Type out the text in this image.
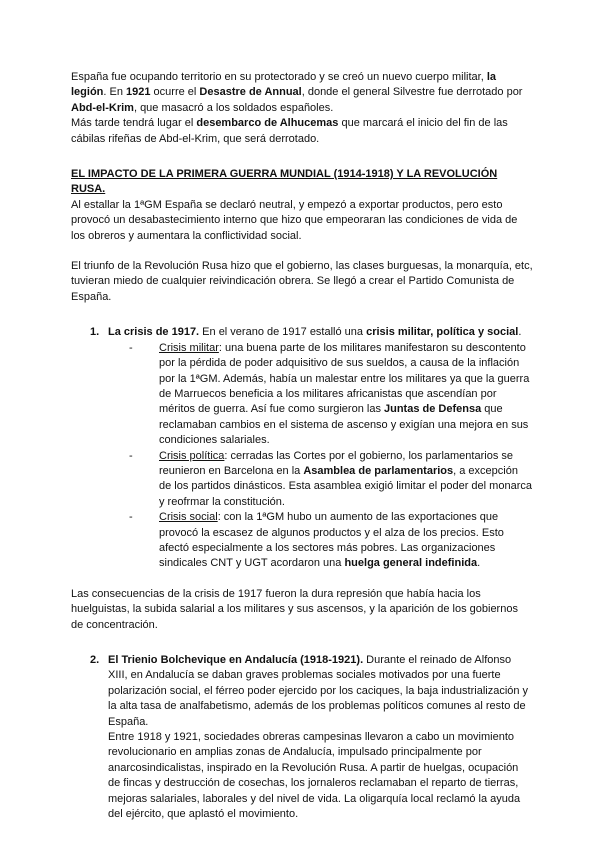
España fue ocupando territorio en su protectorado y se creó un nuevo cuerpo militar, la legión. En 1921 ocurre el Desastre de Annual, donde el general Silvestre fue derrotado por Abd-el-Krim, que masacró a los soldados españoles.

Más tarde tendrá lugar el desembarco de Alhucemas que marcará el inicio del fin de las cábilas rifeñas de Abd-el-Krim, que será derrotado.

EL IMPACTO DE LA PRIMERA GUERRA MUNDIAL (1914-1918) Y LA REVOLUCIÓN RUSA.

Al estallar la 1ªGM España se declaró neutral, y empezó a exportar productos, pero esto provocó un desabastecimiento interno que hizo que empeoraran las condiciones de vida de los obreros y aumentara la conflictividad social.

El triunfo de la Revolución Rusa hizo que el gobierno, las clases burguesas, la monarquía, etc, tuvieran miedo de cualquier reivindicación obrera. Se llegó a crear el Partido Comunista de España.

1. La crisis de 1917. En el verano de 1917 estalló una crisis militar, política y social.

- Crisis militar: una buena parte de los militares manifestaron su descontento por la pérdida de poder adquisitivo de sus sueldos, a causa de la inflación por la 1ªGM. Además, había un malestar entre los militares ya que la guerra de Marruecos beneficia a los militares africanistas que ascendían por méritos de guerra. Así fue como surgieron las Juntas de Defensa que reclamaban cambios en el sistema de ascenso y exigían una mejora en sus condiciones salariales.
- Crisis política: cerradas las Cortes por el gobierno, los parlamentarios se reunieron en Barcelona en la Asamblea de parlamentarios, a excepción de los partidos dinásticos. Esta asamblea exigió limitar el poder del monarca y reofrmar la constitución.
- Crisis social: con la 1ªGM hubo un aumento de las exportaciones que provocó la escasez de algunos productos y el alza de los precios. Esto afectó especialmente a los sectores más pobres. Las organizaciones sindicales CNT y UGT acordaron una huelga general indefinida.

Las consecuencias de la crisis de 1917 fueron la dura represión que había hacia los huelguistas, la subida salarial a los militares y sus ascensos, y la aparición de los gobiernos de concentración.

2. El Trienio Bolchevique en Andalucía (1918-1921). Durante el reinado de Alfonso XIII, en Andalucía se daban graves problemas sociales motivados por una fuerte polarización social, el férreo poder ejercido por los caciques, la baja industrialización y la alta tasa de analfabetismo, además de los problemas políticos comunes al resto de España.

Entre 1918 y 1921, sociedades obreras campesinas llevaron a cabo un movimiento revolucionario en amplias zonas de Andalucía, impulsado principalmente por anarcosindicalistas, inspirado en la Revolución Rusa. A partir de huelgas, ocupación de fincas y destrucción de cosechas, los jornaleros reclamaban el reparto de tierras, mejoras salariales, laborales y del nivel de vida. La oligarquía local reclamó la ayuda del ejército, que aplastó el movimiento.
